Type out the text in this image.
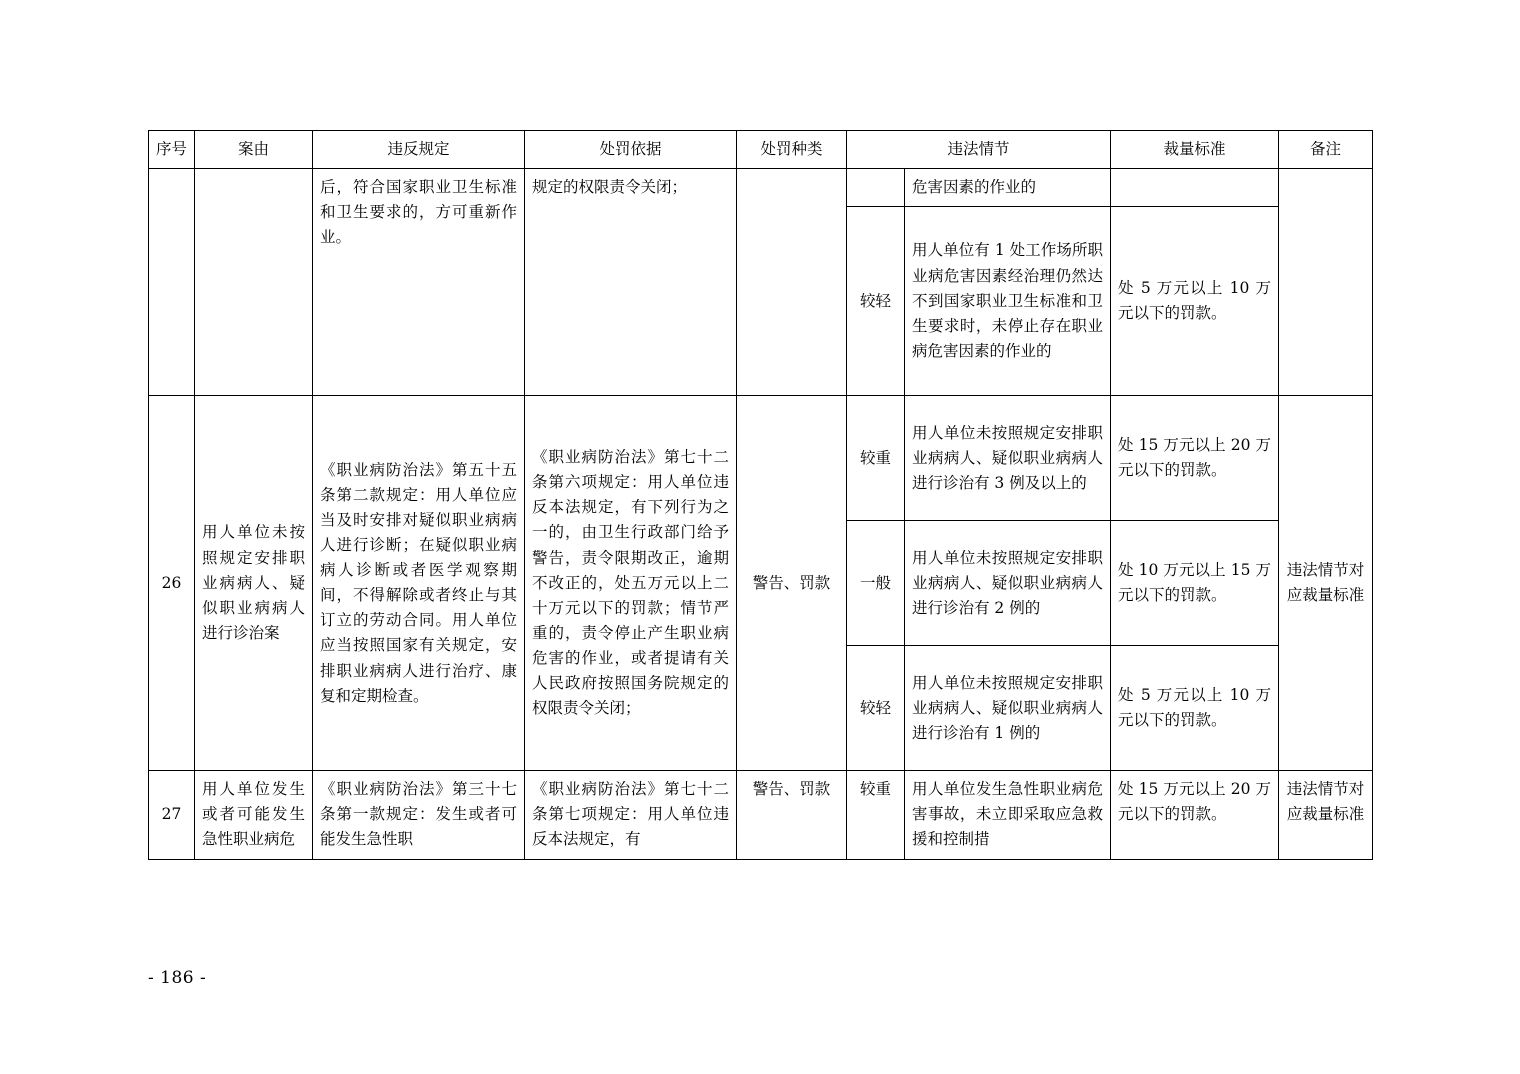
序号	案由	违反规定	处罚依据	处罚种类	违法情节		裁量标准	备注
		后，符合国家职业卫生标准和卫生要求的，方可重新作业。	规定的权限责令关闭；			危害因素的作业的		
					较轻	用人单位有 1 处工作场所职业病危害因素经治理仍然达不到国家职业卫生标准和卫生要求时，未停止存在职业病危害因素的作业的	处 5 万元以上 10 万元以下的罚款。	
26	用人单位未按照规定安排职业病病人、疑似职业病病人进行诊治案	《职业病防治法》第五十五条第二款规定：用人单位应当及时安排对疑似职业病病人进行诊断；在疑似职业病病人诊断或者医学观察期间，不得解除或者终止与其订立的劳动合同。用人单位应当按照国家有关规定，安排职业病病人进行治疗、康复和定期检查。	《职业病防治法》第七十二条第六项规定：用人单位违反本法规定，有下列行为之一的，由卫生行政部门给予警告，责令限期改正，逾期不改正的，处五万元以上二十万元以下的罚款；情节严重的，责令停止产生职业病危害的作业，或者提请有关人民政府按照国务院规定的权限责令关闭；	警告、罚款	较重	用人单位未按照规定安排职业病病人、疑似职业病病人进行诊治有 3 例及以上的	处 15 万元以上 20 万元以下的罚款。	违法情节对应裁量标准
					一般	用人单位未按照规定安排职业病病人、疑似职业病病人进行诊治有 2 例的	处 10 万元以上 15 万元以下的罚款。	
					较轻	用人单位未按照规定安排职业病病人、疑似职业病病人进行诊治有 1 例的	处 5 万元以上 10 万元以下的罚款。	
27	用人单位发生或者可能发生急性职业病危	《职业病防治法》第三十七条第一款规定：发生或者可能发生急性职	《职业病防治法》第七十二条第七项规定：用人单位违反本法规定，有	警告、罚款	较重	用人单位发生急性职业病危害事故，未立即采取应急救援和控制措	处 15 万元以上 20 万元以下的罚款。	违法情节对应裁量标准
- 186 -
